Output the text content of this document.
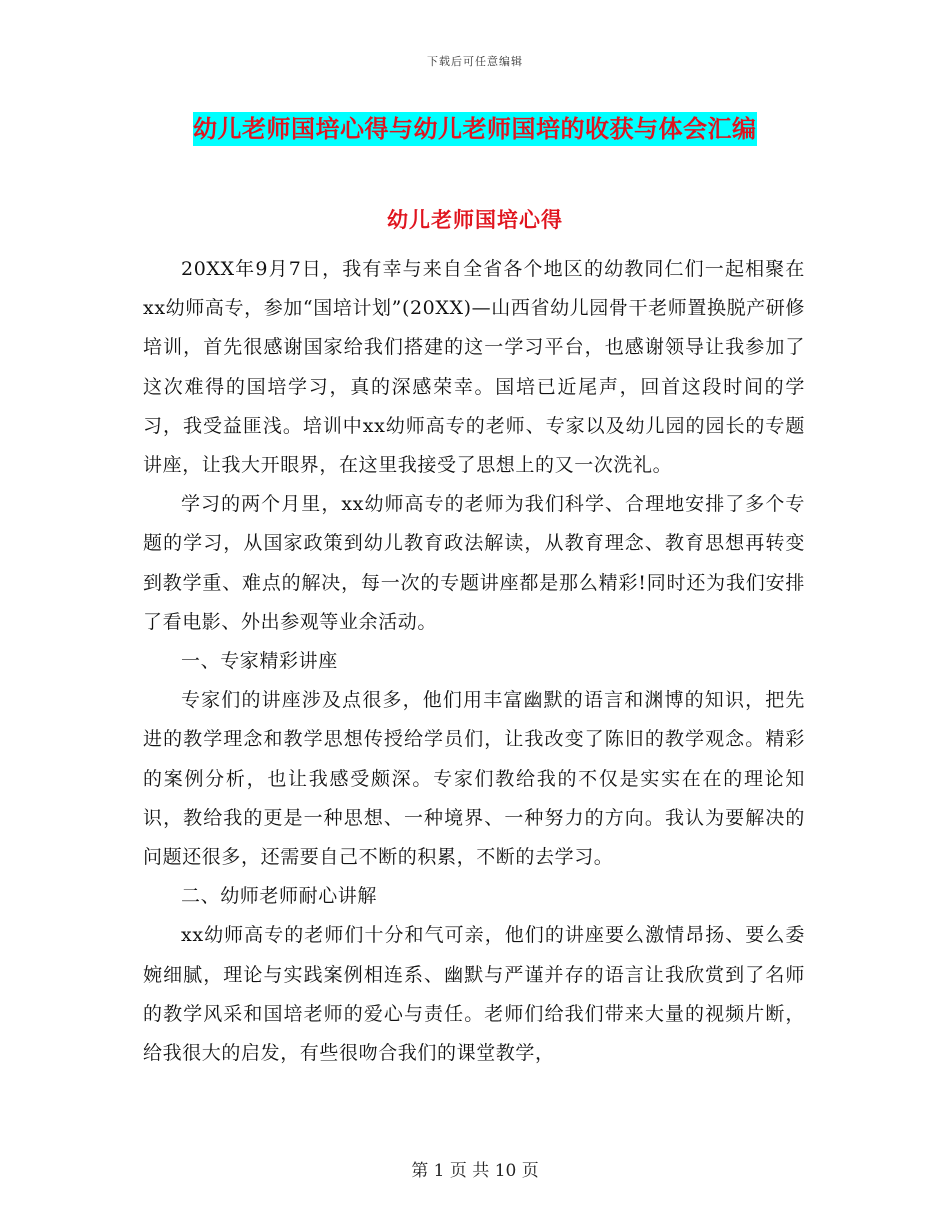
下载后可任意编辑
幼儿老师国培心得与幼儿老师国培的收获与体会汇编
幼儿老师国培心得

20XX年9月7日，我有幸与来自全省各个地区的幼教同仁们一起相聚在xx幼师高专，参加“国培计划”(20XX)—山西省幼儿园骨干老师置换脱产研修培训，首先很感谢国家给我们搭建的这一学习平台，也感谢领导让我参加了这次难得的国培学习，真的深感荣幸。国培已近尾声，回首这段时间的学习，我受益匪浅。培训中xx幼师高专的老师、专家以及幼儿园的园长的专题讲座，让我大开眼界，在这里我接受了思想上的又一次洗礼。

学习的两个月里，xx幼师高专的老师为我们科学、合理地安排了多个专题的学习，从国家政策到幼儿教育政法解读，从教育理念、教育思想再转变到教学重、难点的解决，每一次的专题讲座都是那么精彩!同时还为我们安排了看电影、外出参观等业余活动。

一、专家精彩讲座

专家们的讲座涉及点很多，他们用丰富幽默的语言和渊博的知识，把先进的教学理念和教学思想传授给学员们，让我改变了陈旧的教学观念。精彩的案例分析，也让我感受颇深。专家们教给我的不仅是实实在在的理论知识，教给我的更是一种思想、一种境界、一种努力的方向。我认为要解决的问题还很多，还需要自己不断的积累，不断的去学习。

二、幼师老师耐心讲解

xx幼师高专的老师们十分和气可亲，他们的讲座要么激情昂扬、要么委婉细腻，理论与实践案例相连系、幽默与严谨并存的语言让我欣赏到了名师的教学风采和国培老师的爱心与责任。老师们给我们带来大量的视频片断，给我很大的启发，有些很吻合我们的课堂教学，

第 1 页 共 10 页
